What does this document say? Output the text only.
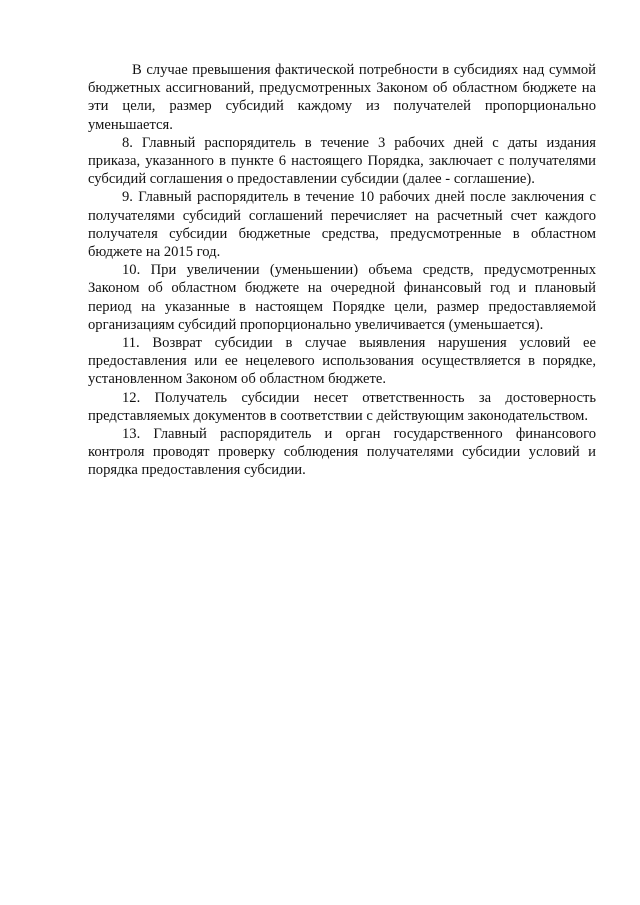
В случае превышения фактической потребности в субсидиях над суммой бюджетных ассигнований, предусмотренных Законом об областном бюджете на эти цели, размер субсидий каждому из получателей пропорционально уменьшается.

8. Главный распорядитель в течение 3 рабочих дней с даты издания приказа, указанного в пункте 6 настоящего Порядка, заключает с получателями субсидий соглашения о предоставлении субсидии (далее - соглашение).

9. Главный распорядитель в течение 10 рабочих дней после заключения с получателями субсидий соглашений перечисляет на расчетный счет каждого получателя субсидии бюджетные средства, предусмотренные в областном бюджете на 2015 год.

10. При увеличении (уменьшении) объема средств, предусмотренных Законом об областном бюджете на очередной финансовый год и плановый период на указанные в настоящем Порядке цели, размер предоставляемой организациям субсидий пропорционально увеличивается (уменьшается).

11. Возврат субсидии в случае выявления нарушения условий ее предоставления или ее нецелевого использования осуществляется в порядке, установленном Законом об областном бюджете.

12. Получатель субсидии несет ответственность за достоверность представляемых документов в соответствии с действующим законодательством.

13. Главный распорядитель и орган государственного финансового контроля проводят проверку соблюдения получателями субсидии условий и порядка предоставления субсидии.
